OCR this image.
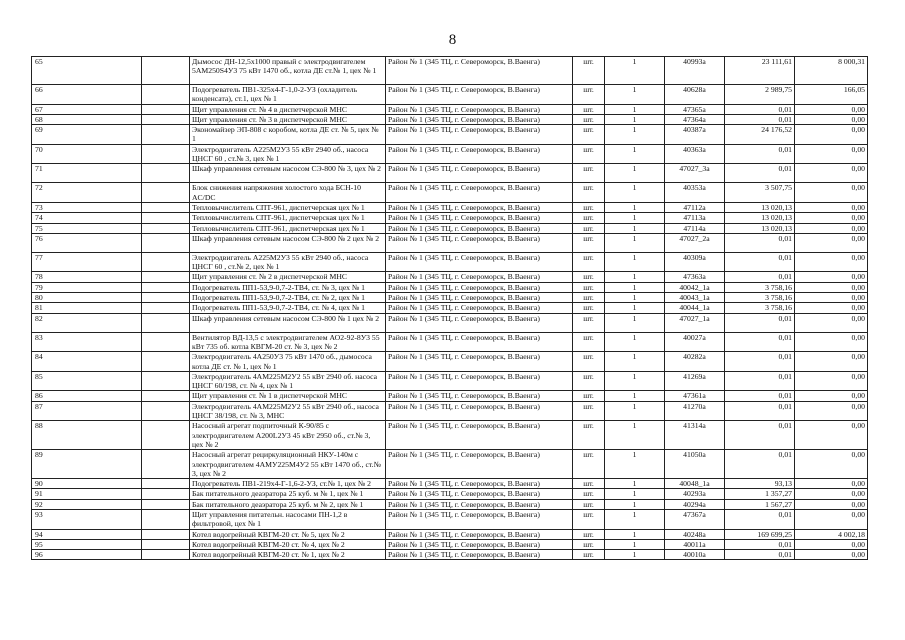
8
65		Дымосос ДН-12,5х1000 правый с электродвигателем 5АМ250S4У3 75 кВт 1470 об., котла ДЕ ст.№ 1, цех № 1	Район № 1 (345 ТЦ, г. Североморск, В.Ваенга)	шт.	1	40993а	23 111,61	8 000,31
66		Подогреватель ПВ1-325х4-Г-1,0-2-УЗ (охладитель конденсата), ст.1, цех № 1	Район № 1 (345 ТЦ, г. Североморск, В.Ваенга)	шт.	1	40628а	2 989,75	166,05
67		Щит управления ст. № 4 в диспетчерской МНС	Район № 1 (345 ТЦ, г. Североморск, В.Ваенга)	шт.	1	47365а	0,01	0,00
68		Щит управления ст. № 3 в диспетчерской МНС	Район № 1 (345 ТЦ, г. Североморск, В.Ваенга)	шт.	1	47364а	0,01	0,00
69		Экономайзер ЭП-808 с коробом, котла ДЕ ст. № 5, цех № 1	Район № 1 (345 ТЦ, г. Североморск, В.Ваенга)	шт.	1	40387а	24 176,52	0,00
70		Электродвигатель А225М2У3 55 кВт 2940 об., насоса ЦНСГ 60 , ст.№ 3, цех № 1	Район № 1 (345 ТЦ, г. Североморск, В.Ваенга)	шт.	1	40363а	0,01	0,00
71		Шкаф управления сетевым насосом СЭ-800 № 3, цех № 2	Район № 1 (345 ТЦ, г. Североморск, В.Ваенга)	шт.	1	47027_3а	0,01	0,00
72		Блок снижения напряжения холостого хода БСН-10 AC/DC	Район № 1 (345 ТЦ, г. Североморск, В.Ваенга)	шт.	1	40353а	3 507,75	0,00
73		Тепловычислитель СПТ-961, диспетчерская цех № 1	Район № 1 (345 ТЦ, г. Североморск, В.Ваенга)	шт.	1	47112а	13 020,13	0,00
74		Тепловычислитель СПТ-961, диспетчерская цех № 1	Район № 1 (345 ТЦ, г. Североморск, В.Ваенга)	шт.	1	47113а	13 020,13	0,00
75		Тепловычислитель СПТ-961, диспетчерская цех № 1	Район № 1 (345 ТЦ, г. Североморск, В.Ваенга)	шт.	1	47114а	13 020,13	0,00
76		Шкаф управления сетевым насосом СЭ-800 № 2 цех № 2	Район № 1 (345 ТЦ, г. Североморск, В.Ваенга)	шт.	1	47027_2а	0,01	0,00
77		Электродвигатель А225М2У3 55 кВт 2940 об., насоса ЦНСГ 60 , ст.№ 2, цех № 1	Район № 1 (345 ТЦ, г. Североморск, В.Ваенга)	шт.	1	40309а	0,01	0,00
78		Щит управления ст. № 2 в диспетчерской МНС	Район № 1 (345 ТЦ, г. Североморск, В.Ваенга)	шт.	1	47363а	0,01	0,00
79		Подогреватель ПП1-53,9-0,7-2-ТВ4, ст. № 3, цех № 1	Район № 1 (345 ТЦ, г. Североморск, В.Ваенга)	шт.	1	40042_1а	3 758,16	0,00
80		Подогреватель ПП1-53,9-0,7-2-ТВ4, ст. № 2, цех № 1	Район № 1 (345 ТЦ, г. Североморск, В.Ваенга)	шт.	1	40043_1а	3 758,16	0,00
81		Подогреватель ПП1-53,9-0,7-2-ТВ4, ст. № 4, цех № 1	Район № 1 (345 ТЦ, г. Североморск, В.Ваенга)	шт.	1	40044_1а	3 758,16	0,00
82		Шкаф управления сетевым насосом СЭ-800 № 1 цех № 2	Район № 1 (345 ТЦ, г. Североморск, В.Ваенга)	шт.	1	47027_1а	0,01	0,00
83		Вентилятор ВД-13,5 с электродвигателем АО2-92-8У3 55 кВт 735 об. котла КВГМ-20 ст. № 3, цех № 2	Район № 1 (345 ТЦ, г. Североморск, В.Ваенга)	шт.	1	40027а	0,01	0,00
84		Электродвигатель 4А250У3 75 кВт 1470 об., дымососа котла ДЕ ст. № 1, цех № 1	Район № 1 (345 ТЦ, г. Североморск, В.Ваенга)	шт.	1	40282а	0,01	0,00
85		Электродвигатель 4АМ225М2У2 55 кВт 2940 об. насоса ЦНСГ 60/198, ст. № 4, цех № 1	Район № 1 (345 ТЦ, г. Североморск, В.Ваенга)	шт.	1	41269а	0,01	0,00
86		Щит управления ст. № 1 в диспетчерской МНС	Район № 1 (345 ТЦ, г. Североморск, В.Ваенга)	шт.	1	47361а	0,01	0,00
87		Электродвигатель 4АМ225М2У2 55 кВт 2940 об., насоса ЦНСГ 38/198, ст. № 3, МНС	Район № 1 (345 ТЦ, г. Североморск, В.Ваенга)	шт.	1	41270а	0,01	0,00
88		Насосный агрегат подпиточный К-90/85 с электродвигателем А200L2У3 45 кВт 2950 об., ст.№ 3, цех № 2	Район № 1 (345 ТЦ, г. Североморск, В.Ваенга)	шт.	1	41314а	0,01	0,00
89		Насосный агрегат рециркуляционный НКУ-140м с электродвигателем 4АМУ225М4У2 55 кВт 1470 об., ст.№ 3, цех № 2	Район № 1 (345 ТЦ, г. Североморск, В.Ваенга)	шт.	1	41050а	0,01	0,00
90		Подогреватель ПВ1-219х4-Г-1,6-2-УЗ, ст.№ 1, цех № 2	Район № 1 (345 ТЦ, г. Североморск, В.Ваенга)	шт.	1	40048_1а	93,13	0,00
91		Бак питательного деаэратора 25 куб. м № 1, цех № 1	Район № 1 (345 ТЦ, г. Североморск, В.Ваенга)	шт.	1	40293а	1 357,27	0,00
92		Бак питательного деаэратора 25 куб. м № 2, цех № 1	Район № 1 (345 ТЦ, г. Североморск, В.Ваенга)	шт.	1	40294а	1 567,27	0,00
93		Щит управления питательн. насосами ПН-1,2 в фильтровой, цех № 1	Район № 1 (345 ТЦ, г. Североморск, В.Ваенга)	шт.	1	47367а	0,01	0,00
94		Котел водогрейный КВГМ-20 ст. № 5, цех № 2	Район № 1 (345 ТЦ, г. Североморск, В.Ваенга)	шт.	1	40248а	169 699,25	4 002,18
95		Котел водогрейный КВГМ-20 ст. № 4, цех № 2	Район № 1 (345 ТЦ, г. Североморск, В.Ваенга)	шт.	1	40011а	0,01	0,00
96		Котел водогрейный КВГМ-20 ст. № 1, цех № 2	Район № 1 (345 ТЦ, г. Североморск, В.Ваенга)	шт.	1	40010а	0,01	0,00
